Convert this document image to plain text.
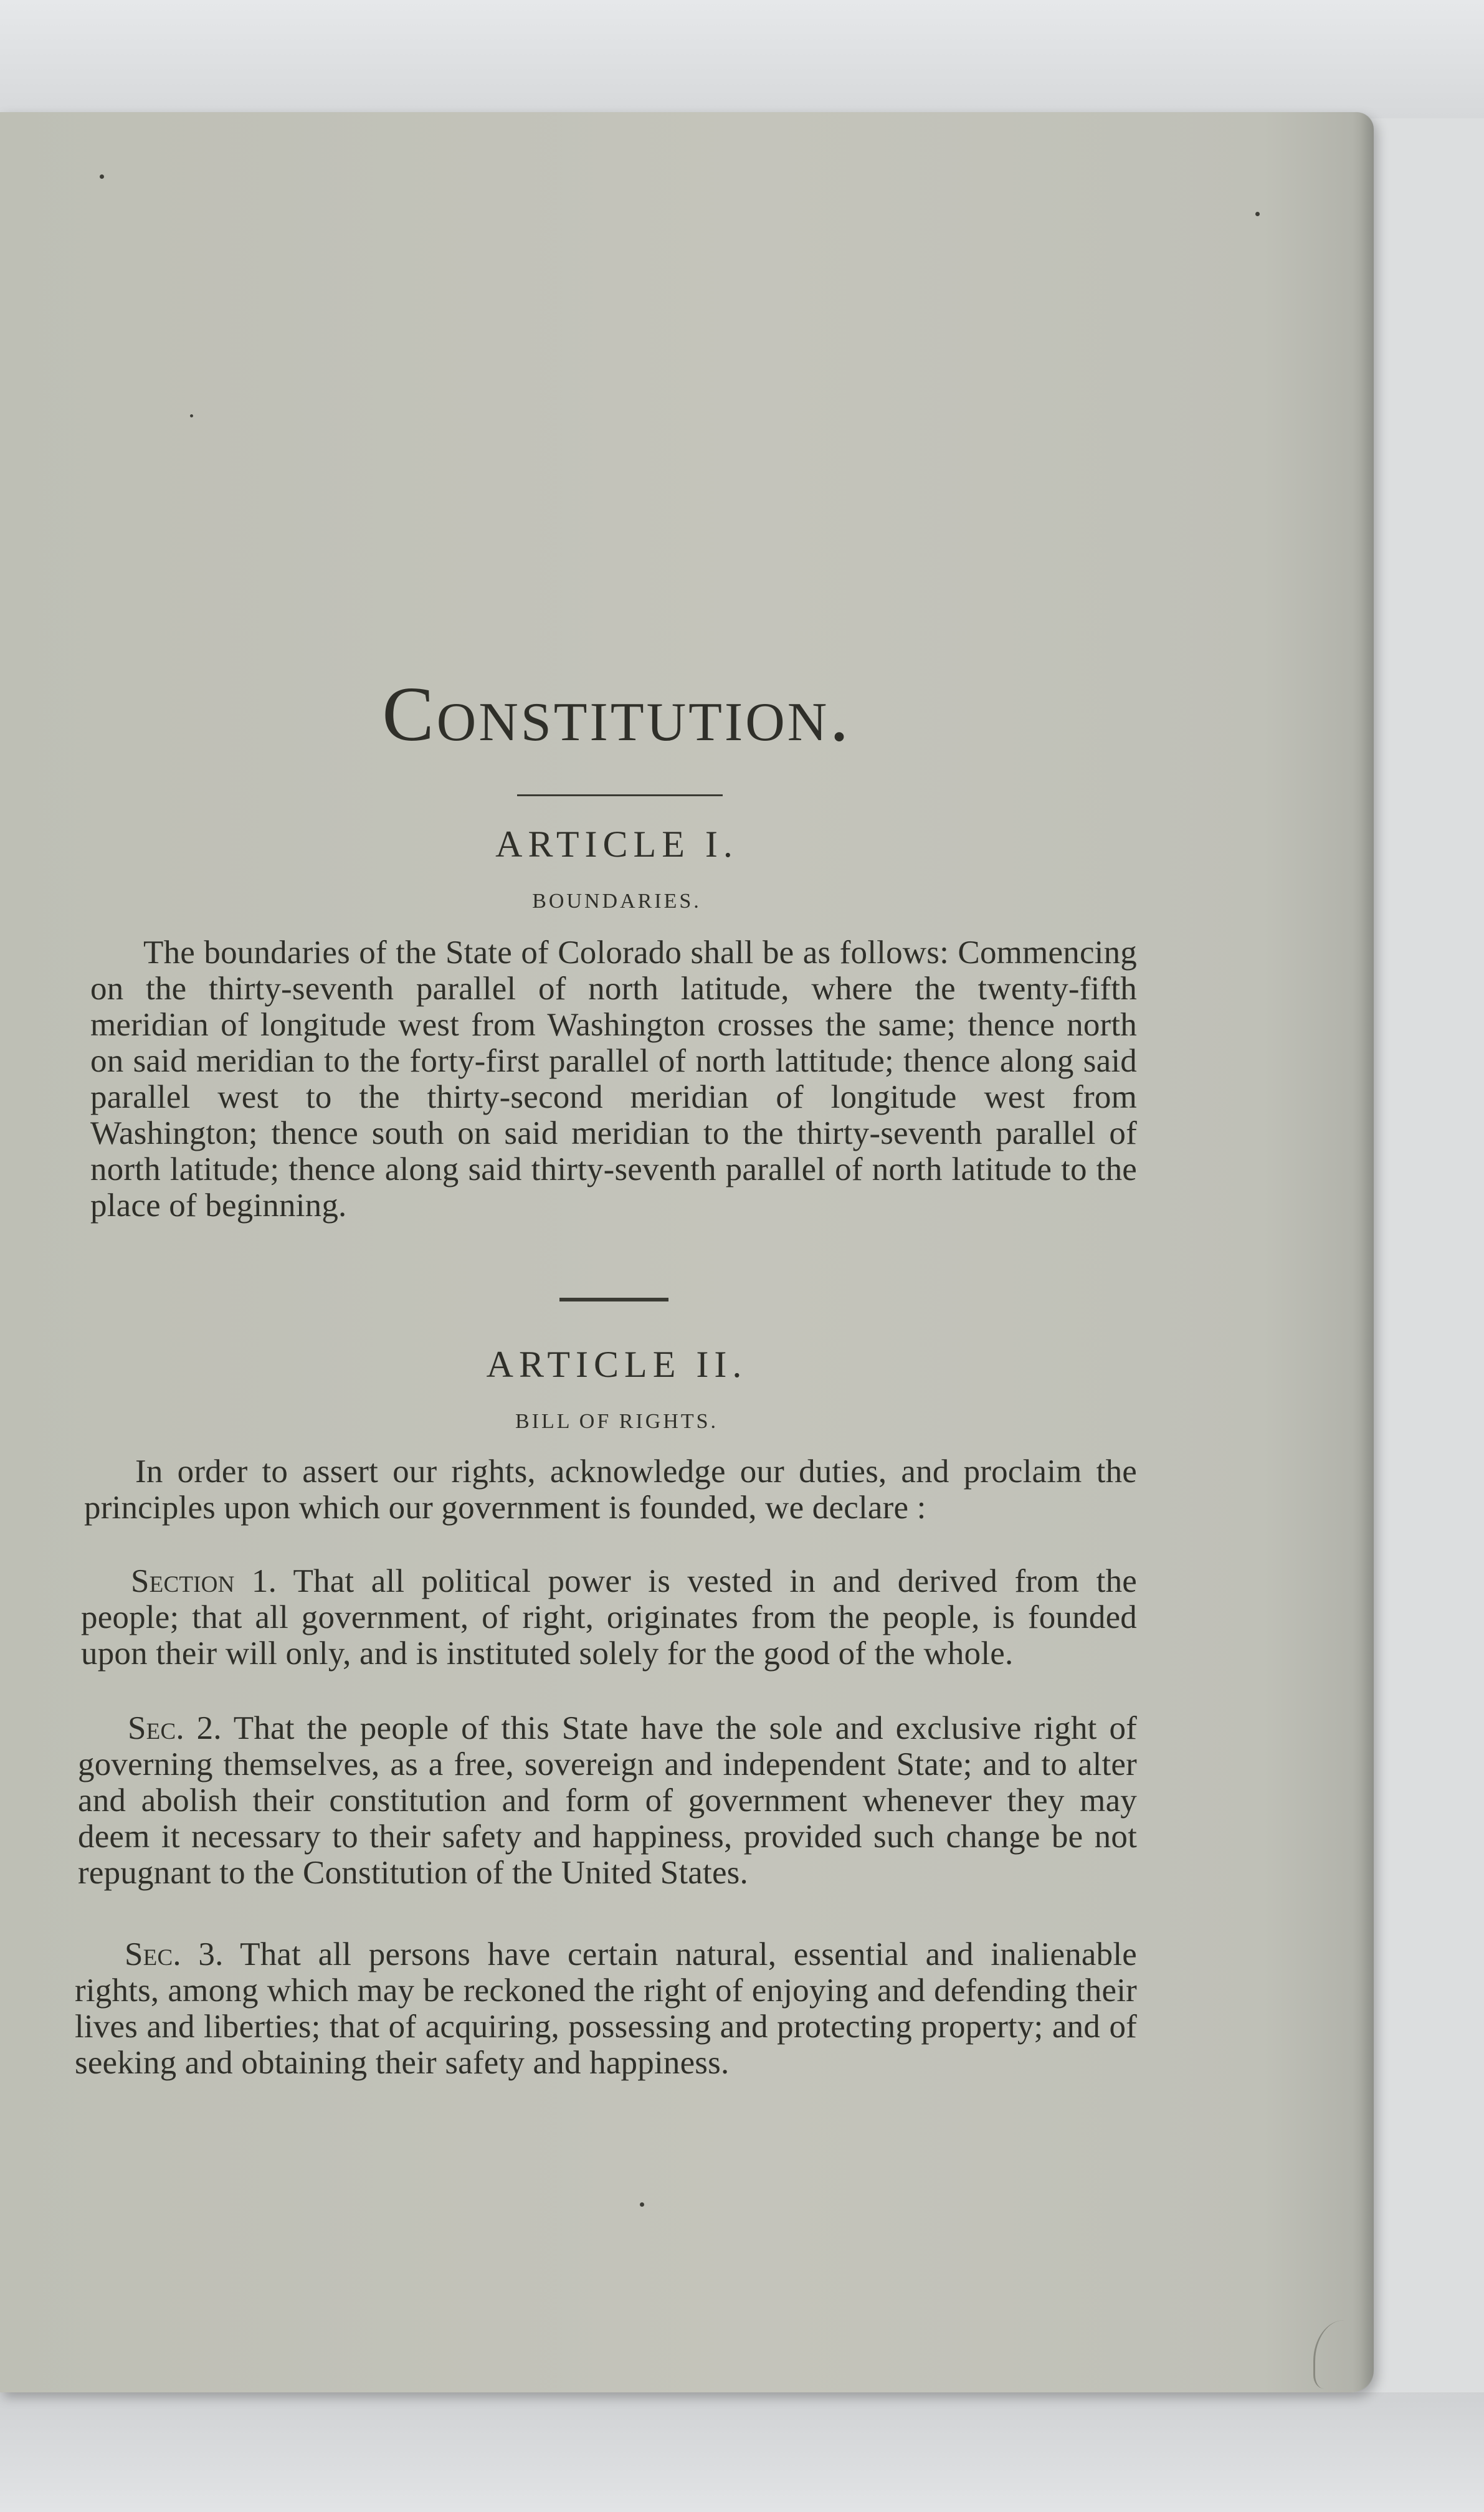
Constitution.
ARTICLE I.
BOUNDARIES.

The boundaries of the State of Colorado shall be as follows: Commencing on the thirty-seventh parallel of north latitude, where the twenty-fifth meridian of longitude west from Washington crosses the same; thence north on said meridian to the forty-first parallel of north lattitude; thence along said parallel west to the thirty-second meridian of longitude west from Washington; thence south on said meridian to the thirty-seventh parallel of north latitude; thence along said thirty-seventh parallel of north latitude to the place of beginning.

ARTICLE II.
BILL OF RIGHTS.

In order to assert our rights, acknowledge our duties, and proclaim the principles upon which our government is founded, we declare :

Section 1. That all political power is vested in and derived from the people; that all government, of right, originates from the people, is founded upon their will only, and is instituted solely for the good of the whole.

Sec. 2. That the people of this State have the sole and exclusive right of governing themselves, as a free, sovereign and independent State; and to alter and abolish their constitution and form of government whenever they may deem it necessary to their safety and happiness, provided such change be not repugnant to the Constitution of the United States.

Sec. 3. That all persons have certain natural, essential and inalienable rights, among which may be reckoned the right of enjoying and defending their lives and liberties; that of acquiring, possessing and protecting property; and of seeking and obtaining their safety and happiness.
